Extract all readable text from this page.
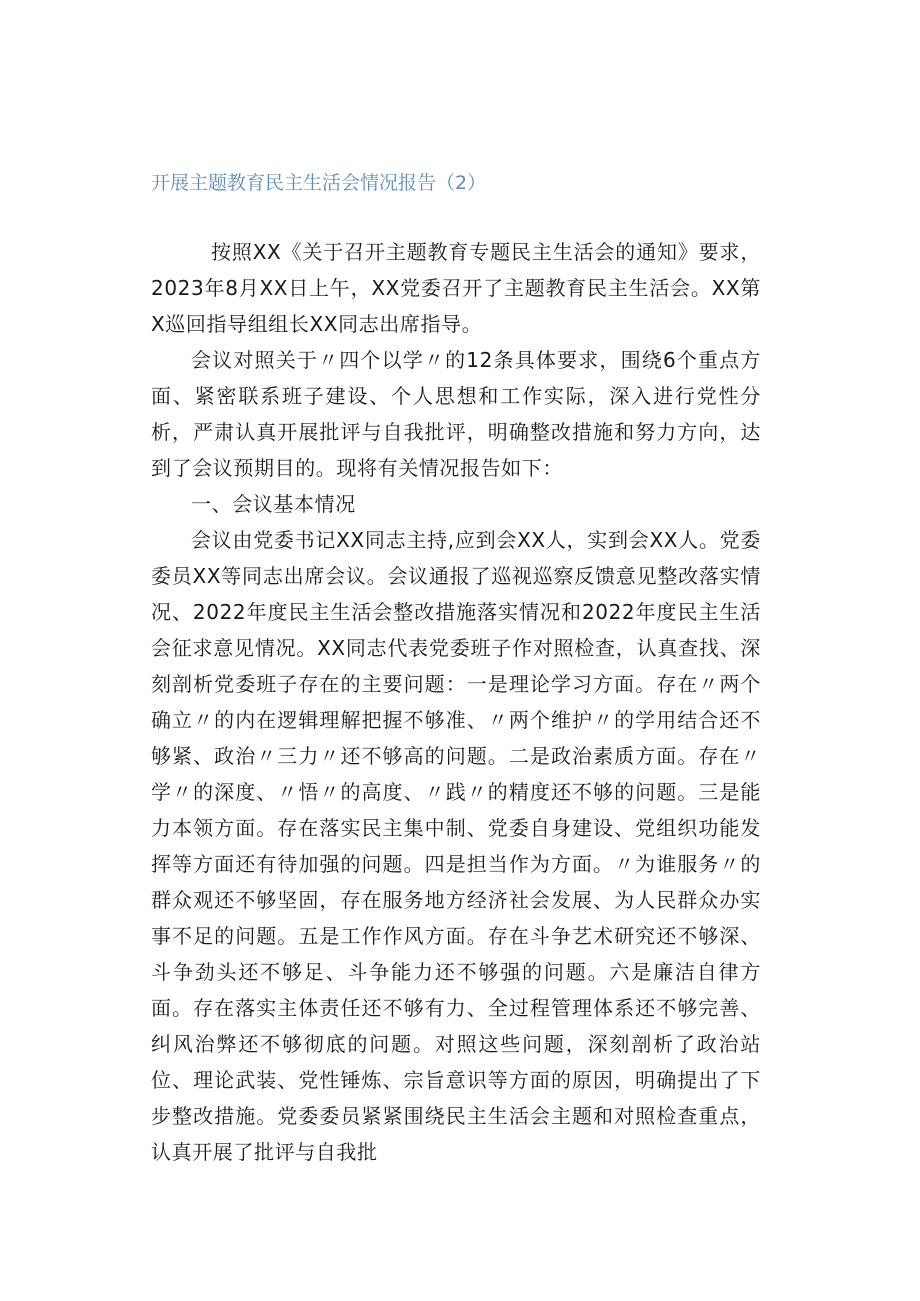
开展主题教育民主生活会情况报告（2）

按照XX《关于召开主题教育专题民主生活会的通知》要求，2023年8月XX日上午，XX党委召开了主题教育民主生活会。XX第X巡回指导组组长XX同志出席指导。

会议对照关于〃四个以学〃的12条具体要求，围绕6个重点方面、紧密联系班子建设、个人思想和工作实际，深入进行党性分析，严肃认真开展批评与自我批评，明确整改措施和努力方向，达到了会议预期目的。现将有关情况报告如下：

一、会议基本情况

会议由党委书记XX同志主持,应到会XX人，实到会XX人。党委委员XX等同志出席会议。会议通报了巡视巡察反馈意见整改落实情况、2022年度民主生活会整改措施落实情况和2022年度民主生活会征求意见情况。XX同志代表党委班子作对照检查，认真查找、深刻剖析党委班子存在的主要问题：一是理论学习方面。存在〃两个确立〃的内在逻辑理解把握不够准、〃两个维护〃的学用结合还不够紧、政治〃三力〃还不够高的问题。二是政治素质方面。存在〃学〃的深度、〃悟〃的高度、〃践〃的精度还不够的问题。三是能力本领方面。存在落实民主集中制、党委自身建设、党组织功能发挥等方面还有待加强的问题。四是担当作为方面。〃为谁服务〃的群众观还不够坚固，存在服务地方经济社会发展、为人民群众办实事不足的问题。五是工作作风方面。存在斗争艺术研究还不够深、斗争劲头还不够足、斗争能力还不够强的问题。六是廉洁自律方面。存在落实主体责任还不够有力、全过程管理体系还不够完善、纠风治弊还不够彻底的问题。对照这些问题，深刻剖析了政治站位、理论武装、党性锤炼、宗旨意识等方面的原因，明确提出了下步整改措施。党委委员紧紧围绕民主生活会主题和对照检查重点，认真开展了批评与自我批
